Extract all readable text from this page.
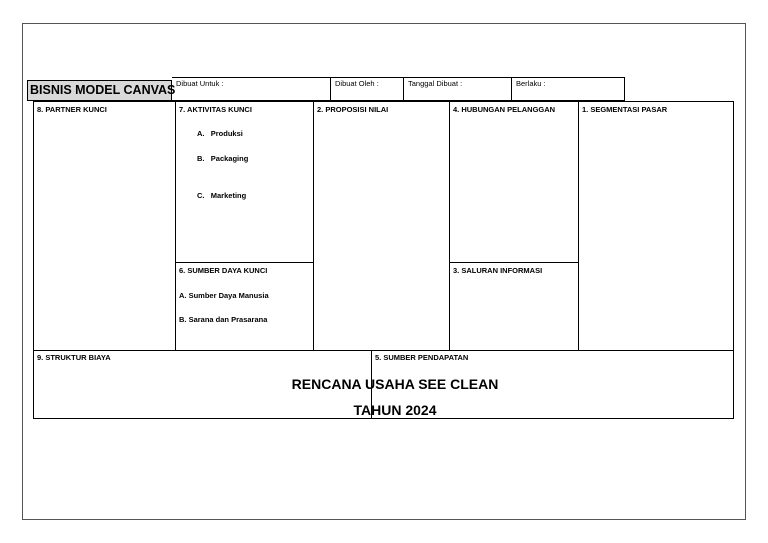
BISNIS MODEL CANVAS Dibuat Untuk :	Dibuat Oleh :	Tanggal Dibuat :	Berlaku :
8. PARTNER KUNCI	7. AKTIVITAS KUNCI
A. Produksi
B. Packaging
C. Marketing
6. SUMBER DAYA KUNCI
A. Sumber Daya Manusia
B. Sarana dan Prasarana
2. PROPOSISI NILAI	4. HUBUNGAN PELANGGAN
3. SALURAN INFORMASI
1. SEGMENTASI PASAR
9. STRUKTUR BIAYA	5. SUMBER PENDAPATAN
RENCANA USAHA SEE CLEAN
TAHUN 2024
